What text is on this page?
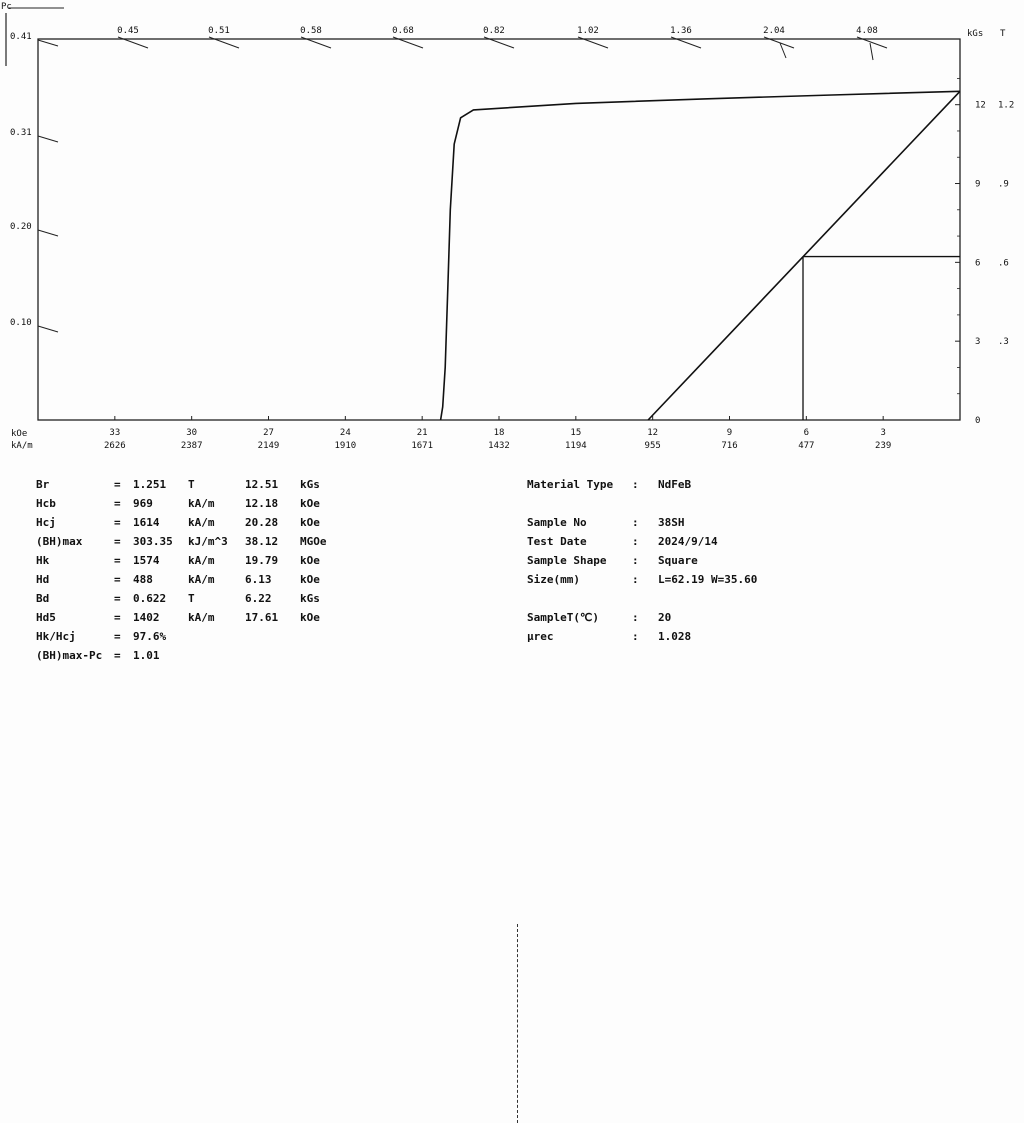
Pc
0.45	0.51	0.58	0.68	0.82	1.02	1.36	2.04	4.08	kGs T
0.41
0.31
0.20
0.10
kOe
kA/m
33
2626
30
2387
27
2149
24
1910
21
1671
18
1432
15
1194
12
955
9
716
6
477
3
239
12 1.2
9 .9
6 .6
3 .3
0
Br	= 1.251 T	12.51 kGs
Hcb	= 969	kA/m	12.18 kOe
Hcj	= 1614	kA/m	20.28 kOe
(BH)max	= 303.35 kJ/m^3 38.12 MGOe
Hk	= 1574	kA/m	19.79 kOe
Hd	= 488	kA/m	6.13	kOe
Bd	= 0.622 T	6.22	kGs
Hd5	= 1402	kA/m	17.61 kOe
Hk/Hcj	= 97.6%
(BH)max-Pc = 1.01
Material Type : NdFeB
Sample No	: 38SH
Test Date	: 2024/9/14
Sample Shape : Square
Size(mm)	: L=62.19 W=35.60
SampleT(℃)	: 20
μrec	: 1.028
